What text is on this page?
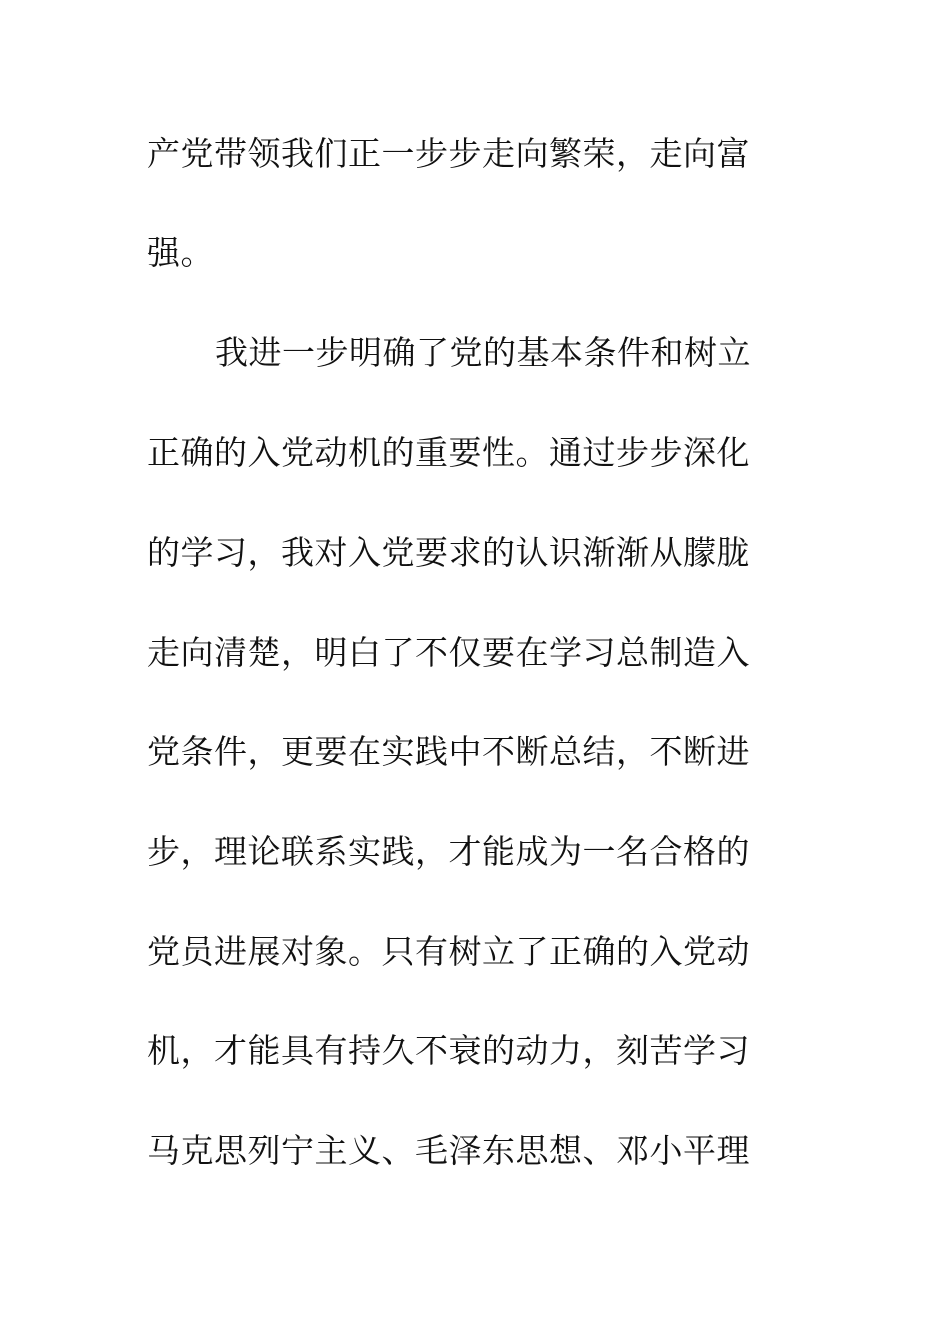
产党带领我们正一步步走向繁荣，走向富
强。
我进一步明确了党的基本条件和树立
正确的入党动机的重要性。通过步步深化
的学习，我对入党要求的认识渐渐从朦胧
走向清楚，明白了不仅要在学习总制造入
党条件，更要在实践中不断总结，不断进
步，理论联系实践，才能成为一名合格的
党员进展对象。只有树立了正确的入党动
机，才能具有持久不衰的动力，刻苦学习
马克思列宁主义、毛泽东思想、邓小平理
